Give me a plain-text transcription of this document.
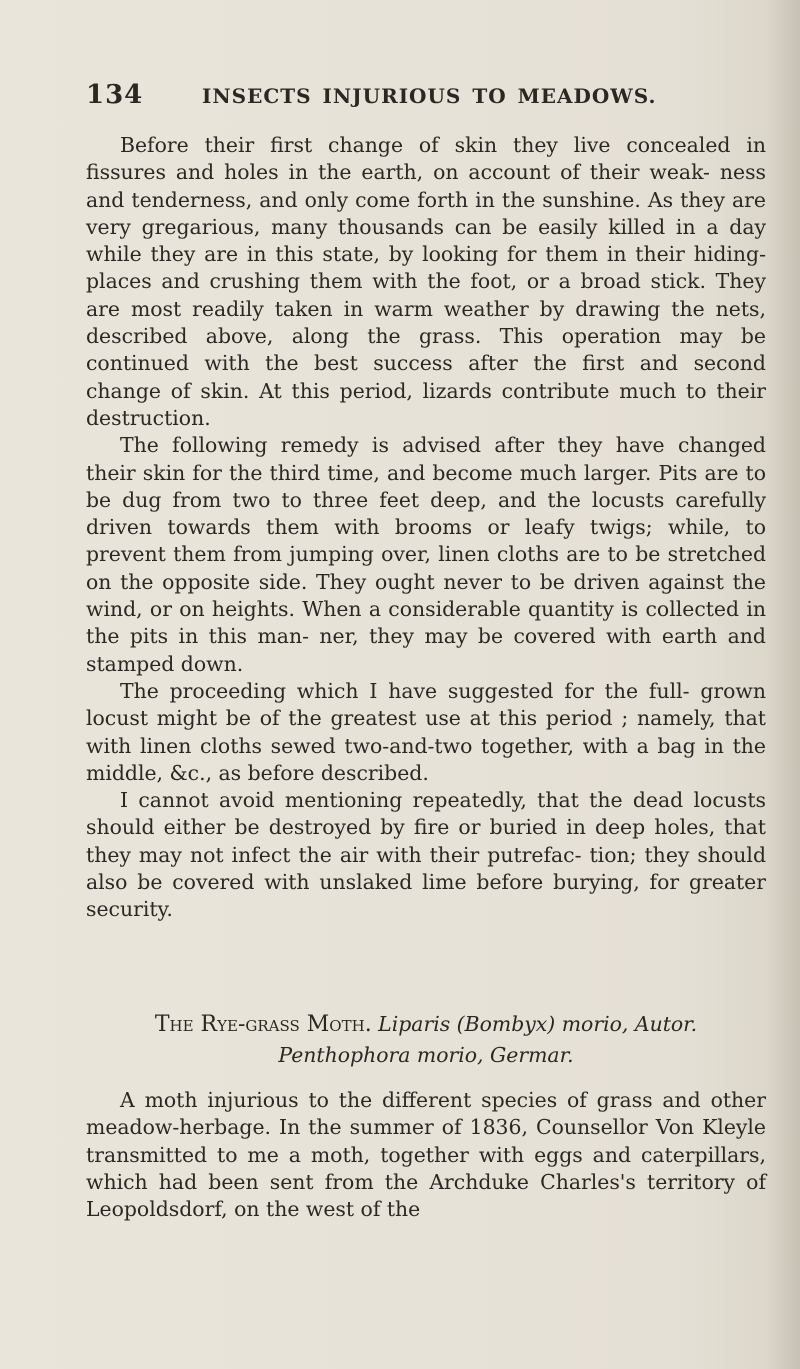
134	INSECTS INJURIOUS TO MEADOWS.

Before their first change of skin they live concealed in fissures and holes in the earth, on account of their weak- ness and tenderness, and only come forth in the sunshine. As they are very gregarious, many thousands can be easily killed in a day while they are in this state, by looking for them in their hiding-places and crushing them with the foot, or a broad stick. They are most readily taken in warm weather by drawing the nets, described above, along the grass. This operation may be continued with the best success after the first and second change of skin. At this period, lizards contribute much to their destruction.

The following remedy is advised after they have changed their skin for the third time, and become much larger. Pits are to be dug from two to three feet deep, and the locusts carefully driven towards them with brooms or leafy twigs; while, to prevent them from jumping over, linen cloths are to be stretched on the opposite side. They ought never to be driven against the wind, or on heights. When a considerable quantity is collected in the pits in this man- ner, they may be covered with earth and stamped down.

The proceeding which I have suggested for the full- grown locust might be of the greatest use at this period ; namely, that with linen cloths sewed two-and-two together, with a bag in the middle, &c., as before described.

I cannot avoid mentioning repeatedly, that the dead locusts should either be destroyed by fire or buried in deep holes, that they may not infect the air with their putrefac- tion; they should also be covered with unslaked lime before burying, for greater security.

The Rye-grass Moth. Liparis (Bombyx) morio, Autor.
Penthophora morio, Germar.

A moth injurious to the different species of grass and other meadow-herbage. In the summer of 1836, Counsellor Von Kleyle transmitted to me a moth, together with eggs and caterpillars, which had been sent from the Archduke Charles's territory of Leopoldsdorf, on the west of the
